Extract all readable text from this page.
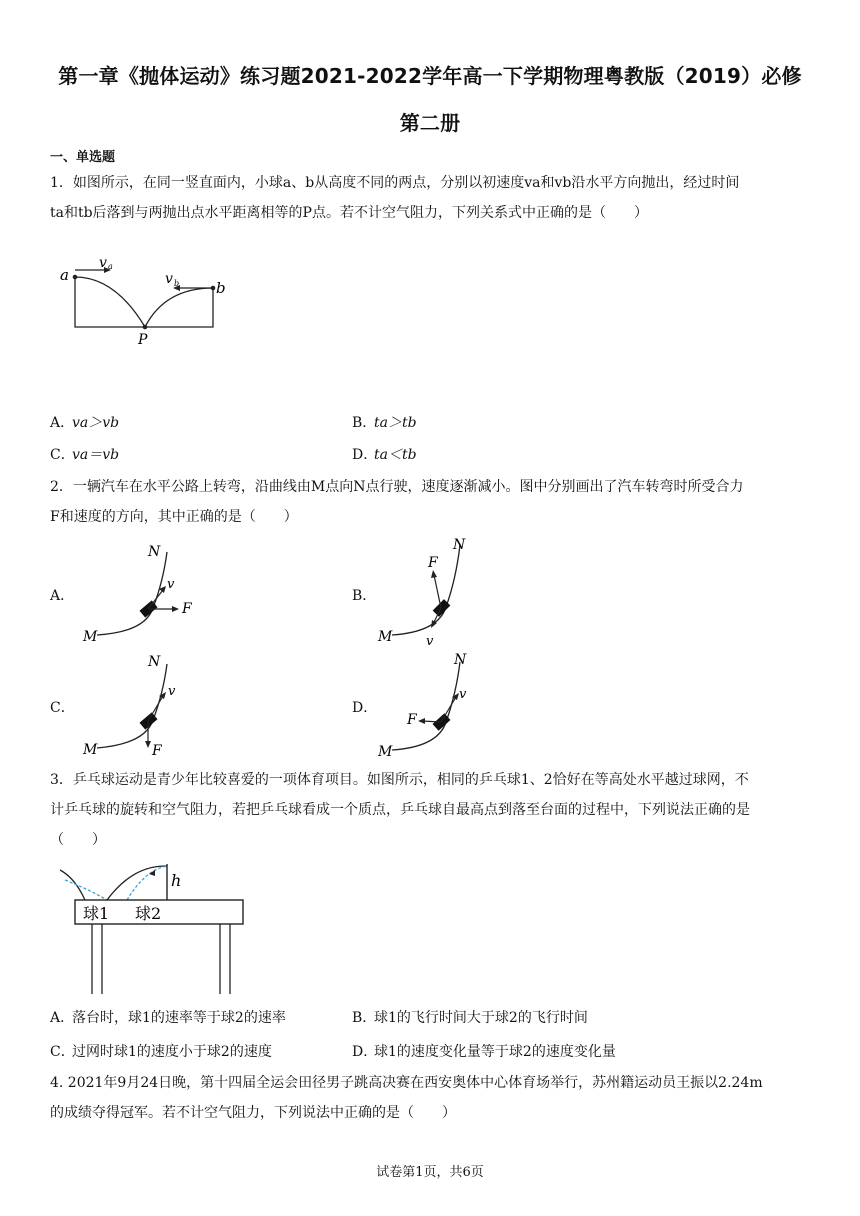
第一章《抛体运动》练习题2021-2022学年高一下学期物理粤教版（2019）必修
第二册
一、单选题
1．如图所示，在同一竖直面内，小球a、b从高度不同的两点，分别以初速度va和vb沿水平方向抛出，经过时间
ta和tb后落到与两抛出点水平距离相等的P点。若不计空气阻力，下列关系式中正确的是（　　）
a
v a
v b b
P
A．va＞vb	B．ta＞tb
C．va＝vb	D．ta＜tb
2．一辆汽车在水平公路上转弯，沿曲线由M点向N点行驶，速度逐渐减小。图中分别画出了汽车转弯时所受合力
F和速度的方向，其中正确的是（　　）
A．	B．
C．	D．
N
v
F
M
N
F
v
M
N
v
F
M
N
v
F
M
3．乒乓球运动是青少年比较喜爱的一项体育项目。如图所示，相同的乒乓球1、2恰好在等高处水平越过球网，不
计乒乓球的旋转和空气阻力，若把乒乓球看成一个质点，乒乓球自最高点到落至台面的过程中，下列说法正确的是
（　　）
h
球1 球2
A．落台时，球1的速率等于球2的速率	B．球1的飞行时间大于球2的飞行时间
C．过网时球1的速度小于球2的速度	D．球1的速度变化量等于球2的速度变化量
4. 2021年9月24日晚，第十四届全运会田径男子跳高决赛在西安奥体中心体育场举行，苏州籍运动员王振以2.24m
的成绩夺得冠军。若不计空气阻力，下列说法中正确的是（　　）
试卷第1页，共6页
